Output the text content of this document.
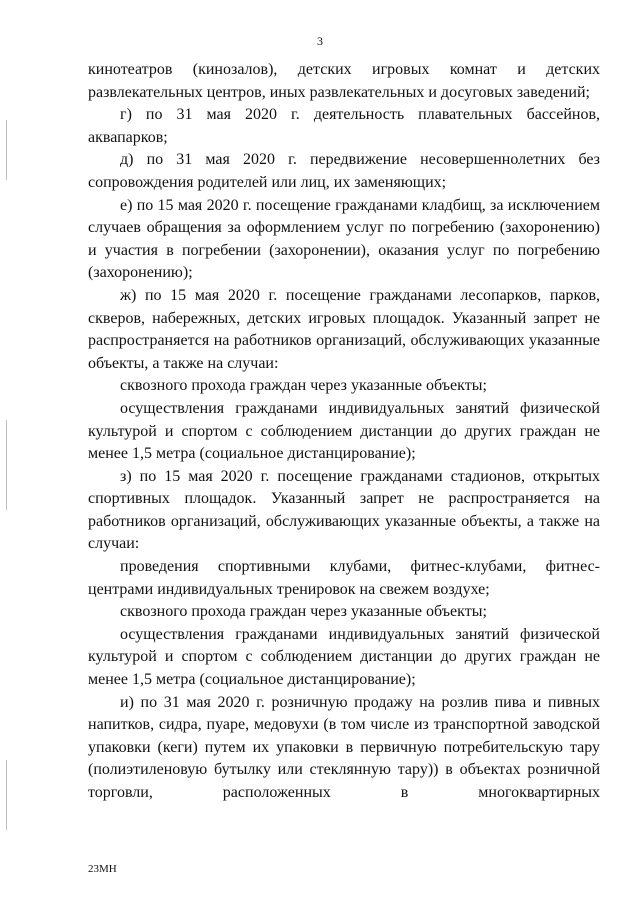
3

кинотеатров (кинозалов), детских игровых комнат и детских развлекательных центров, иных развлекательных и досуговых заведений;

г) по 31 мая 2020 г. деятельность плавательных бассейнов, аквапарков;

д) по 31 мая 2020 г. передвижение несовершеннолетних без сопровождения родителей или лиц, их заменяющих;

е) по 15 мая 2020 г. посещение гражданами кладбищ, за исключением случаев обращения за оформлением услуг по погребению (захоронению) и участия в погребении (захоронении), оказания услуг по погребению (захоронению);

ж) по 15 мая 2020 г. посещение гражданами лесопарков, парков, скверов, набережных, детских игровых площадок. Указанный запрет не распространяется на работников организаций, обслуживающих указанные объекты, а также на случаи:

сквозного прохода граждан через указанные объекты;

осуществления гражданами индивидуальных занятий физической культурой и спортом с соблюдением дистанции до других граждан не менее 1,5 метра (социальное дистанцирование);

з) по 15 мая 2020 г. посещение гражданами стадионов, открытых спортивных площадок. Указанный запрет не распространяется на работников организаций, обслуживающих указанные объекты, а также на случаи:

проведения спортивными клубами, фитнес-клубами, фитнес-центрами индивидуальных тренировок на свежем воздухе;

сквозного прохода граждан через указанные объекты;

осуществления гражданами индивидуальных занятий физической культурой и спортом с соблюдением дистанции до других граждан не менее 1,5 метра (социальное дистанцирование);

и) по 31 мая 2020 г. розничную продажу на розлив пива и пивных напитков, сидра, пуаре, медовухи (в том числе из транспортной заводской упаковки (кеги) путем их упаковки в первичную потребительскую тару (полиэтиленовую бутылку или стеклянную тару)) в объектах розничной торговли, расположенных в многоквартирных

23МН
